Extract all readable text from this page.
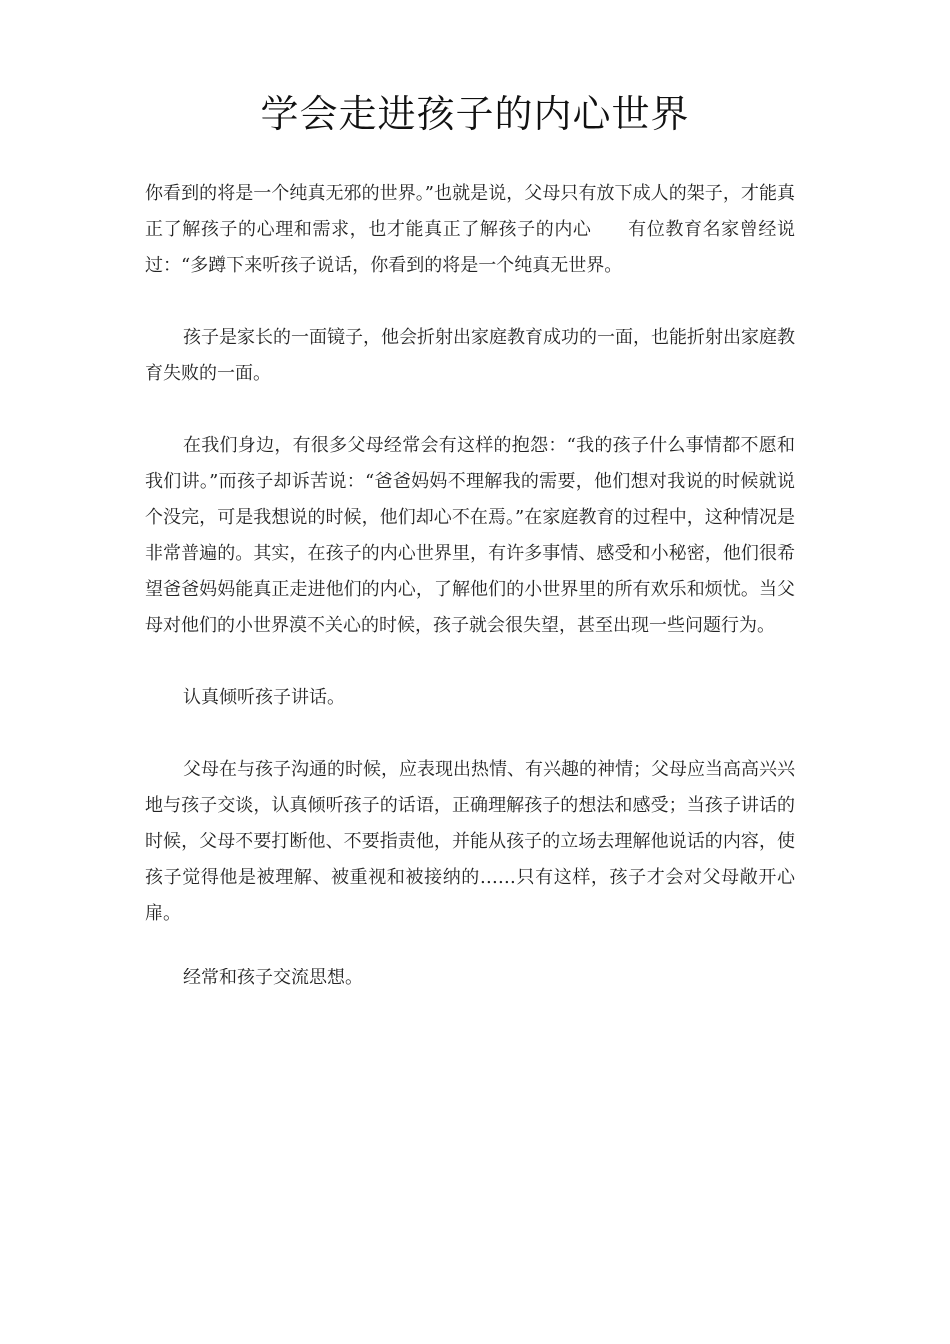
学会走进孩子的内心世界

你看到的将是一个纯真无邪的世界。”也就是说，父母只有放下成人的架子，才能真正了解孩子的心理和需求，也才能真正了解孩子的内心 有位教育名家曾经说过：“多蹲下来听孩子说话，你看到的将是一个纯真无世界。

孩子是家长的一面镜子，他会折射出家庭教育成功的一面，也能折射出家庭教育失败的一面。

在我们身边，有很多父母经常会有这样的抱怨：“我的孩子什么事情都不愿和我们讲。”而孩子却诉苦说：“爸爸妈妈不理解我的需要，他们想对我说的时候就说个没完，可是我想说的时候，他们却心不在焉。”在家庭教育的过程中，这种情况是非常普遍的。其实，在孩子的内心世界里，有许多事情、感受和小秘密，他们很希望爸爸妈妈能真正走进他们的内心，了解他们的小世界里的所有欢乐和烦忧。当父母对他们的小世界漠不关心的时候，孩子就会很失望，甚至出现一些问题行为。

认真倾听孩子讲话。

父母在与孩子沟通的时候，应表现出热情、有兴趣的神情；父母应当高高兴兴地与孩子交谈，认真倾听孩子的话语，正确理解孩子的想法和感受；当孩子讲话的时候，父母不要打断他、不要指责他，并能从孩子的立场去理解他说话的内容，使孩子觉得他是被理解、被重视和被接纳的……只有这样，孩子才会对父母敞开心扉。

经常和孩子交流思想。
